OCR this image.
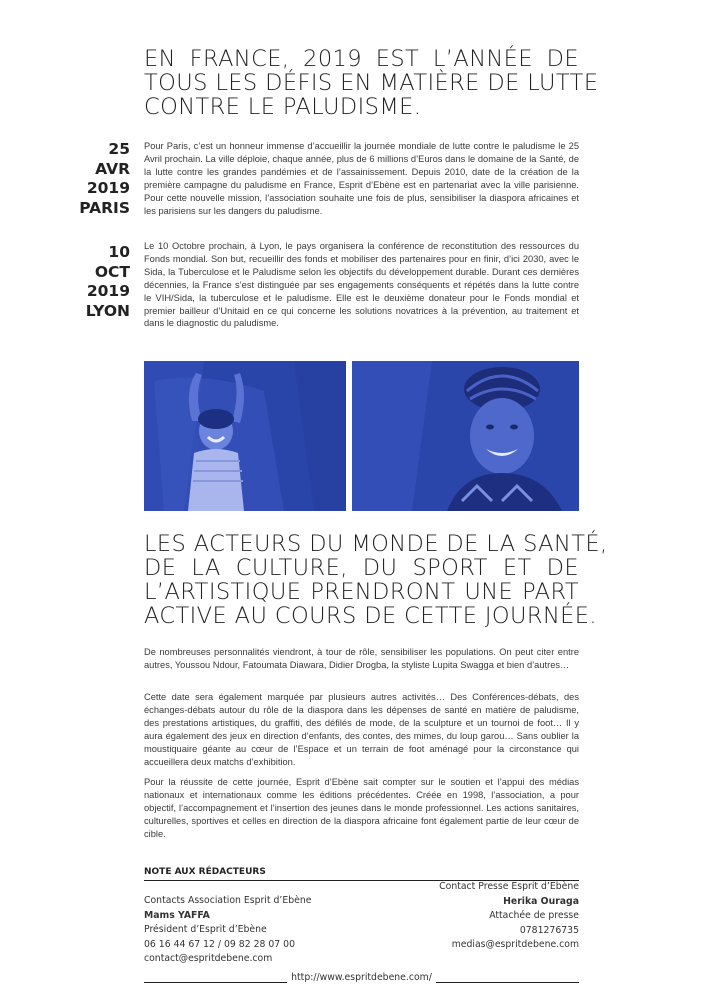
EN FRANCE, 2019 EST L’ANNÉE DE
TOUS LES DÉFIS EN MATIÈRE DE LUTTE
CONTRE LE PALUDISME.
25
AVR
2019
PARIS

Pour Paris, c’est un honneur immense d’accueillir la journée mondiale de lutte contre le paludisme le 25 Avril prochain. La ville déploie, chaque année, plus de 6 millions d’Euros dans le domaine de la Santé, de la lutte contre les grandes pandémies et de l’assainissement. Depuis 2010, date de la création de la première campagne du paludisme en France, Esprit d’Ebène est en partenariat avec la ville parisienne. Pour cette nouvelle mission, l’association souhaite une fois de plus, sensibiliser la diaspora africaines et les parisiens sur les dangers du paludisme.

10
OCT
2019
LYON

Le 10 Octobre prochain, à Lyon, le pays organisera la conférence de reconstitution des ressources du Fonds mondial. Son but, recueillir des fonds et mobiliser des partenaires pour en finir, d’ici 2030, avec le Sida, la Tuberculose et le Paludisme selon les objectifs du développement durable. Durant ces dernières décennies, la France s’est distinguée par ses engagements conséquents et répétés dans la lutte contre le VIH/Sida, la tuberculose et le paludisme. Elle est le deuxième donateur pour le Fonds mondial et premier bailleur d’Unitaid en ce qui concerne les solutions novatrices à la prévention, au traitement et dans le diagnostic du paludisme.

LES ACTEURS DU MONDE DE LA SANTÉ,
DE LA CULTURE, DU SPORT ET DE
L’ARTISTIQUE PRENDRONT UNE PART
ACTIVE AU COURS DE CETTE JOURNÉE.

De nombreuses personnalités viendront, à tour de rôle, sensibiliser les populations. On peut citer entre autres, Youssou Ndour, Fatoumata Diawara, Didier Drogba, la styliste Lupita Swagga et bien d’autres…

Cette date sera également marquée par plusieurs autres activités… Des Conférences-débats, des échanges-débats autour du rôle de la diaspora dans les dépenses de santé en matière de paludisme, des prestations artistiques, du graffiti, des défilés de mode, de la sculpture et un tournoi de foot… Il y aura également des jeux en direction d’enfants, des contes, des mimes, du loup garou… Sans oublier la moustiquaire géante au cœur de l’Espace et un terrain de foot aménagé pour la circonstance qui accueillera deux matchs d’exhibition.

Pour la réussite de cette journée, Esprit d’Ebène sait compter sur le soutien et l’appui des médias nationaux et internationaux comme les éditions précédentes. Créée en 1998, l’association, a pour objectif, l’accompagnement et l’insertion des jeunes dans le monde professionnel. Les actions sanitaires, culturelles, sportives et celles en direction de la diaspora africaine font également partie de leur cœur de cible.

NOTE AUX RÉDACTEURS
Contacts Association Esprit d’Ebène
Mams YAFFA
Président d’Esprit d’Ebène
06 16 44 67 12 / 09 82 28 07 00
contact@espritdebene.com
Contact Presse Esprit d’Ebène
Herika Ouraga
Attachée de presse
0781276735
medias@espritdebene.com
http://www.espritdebene.com/
